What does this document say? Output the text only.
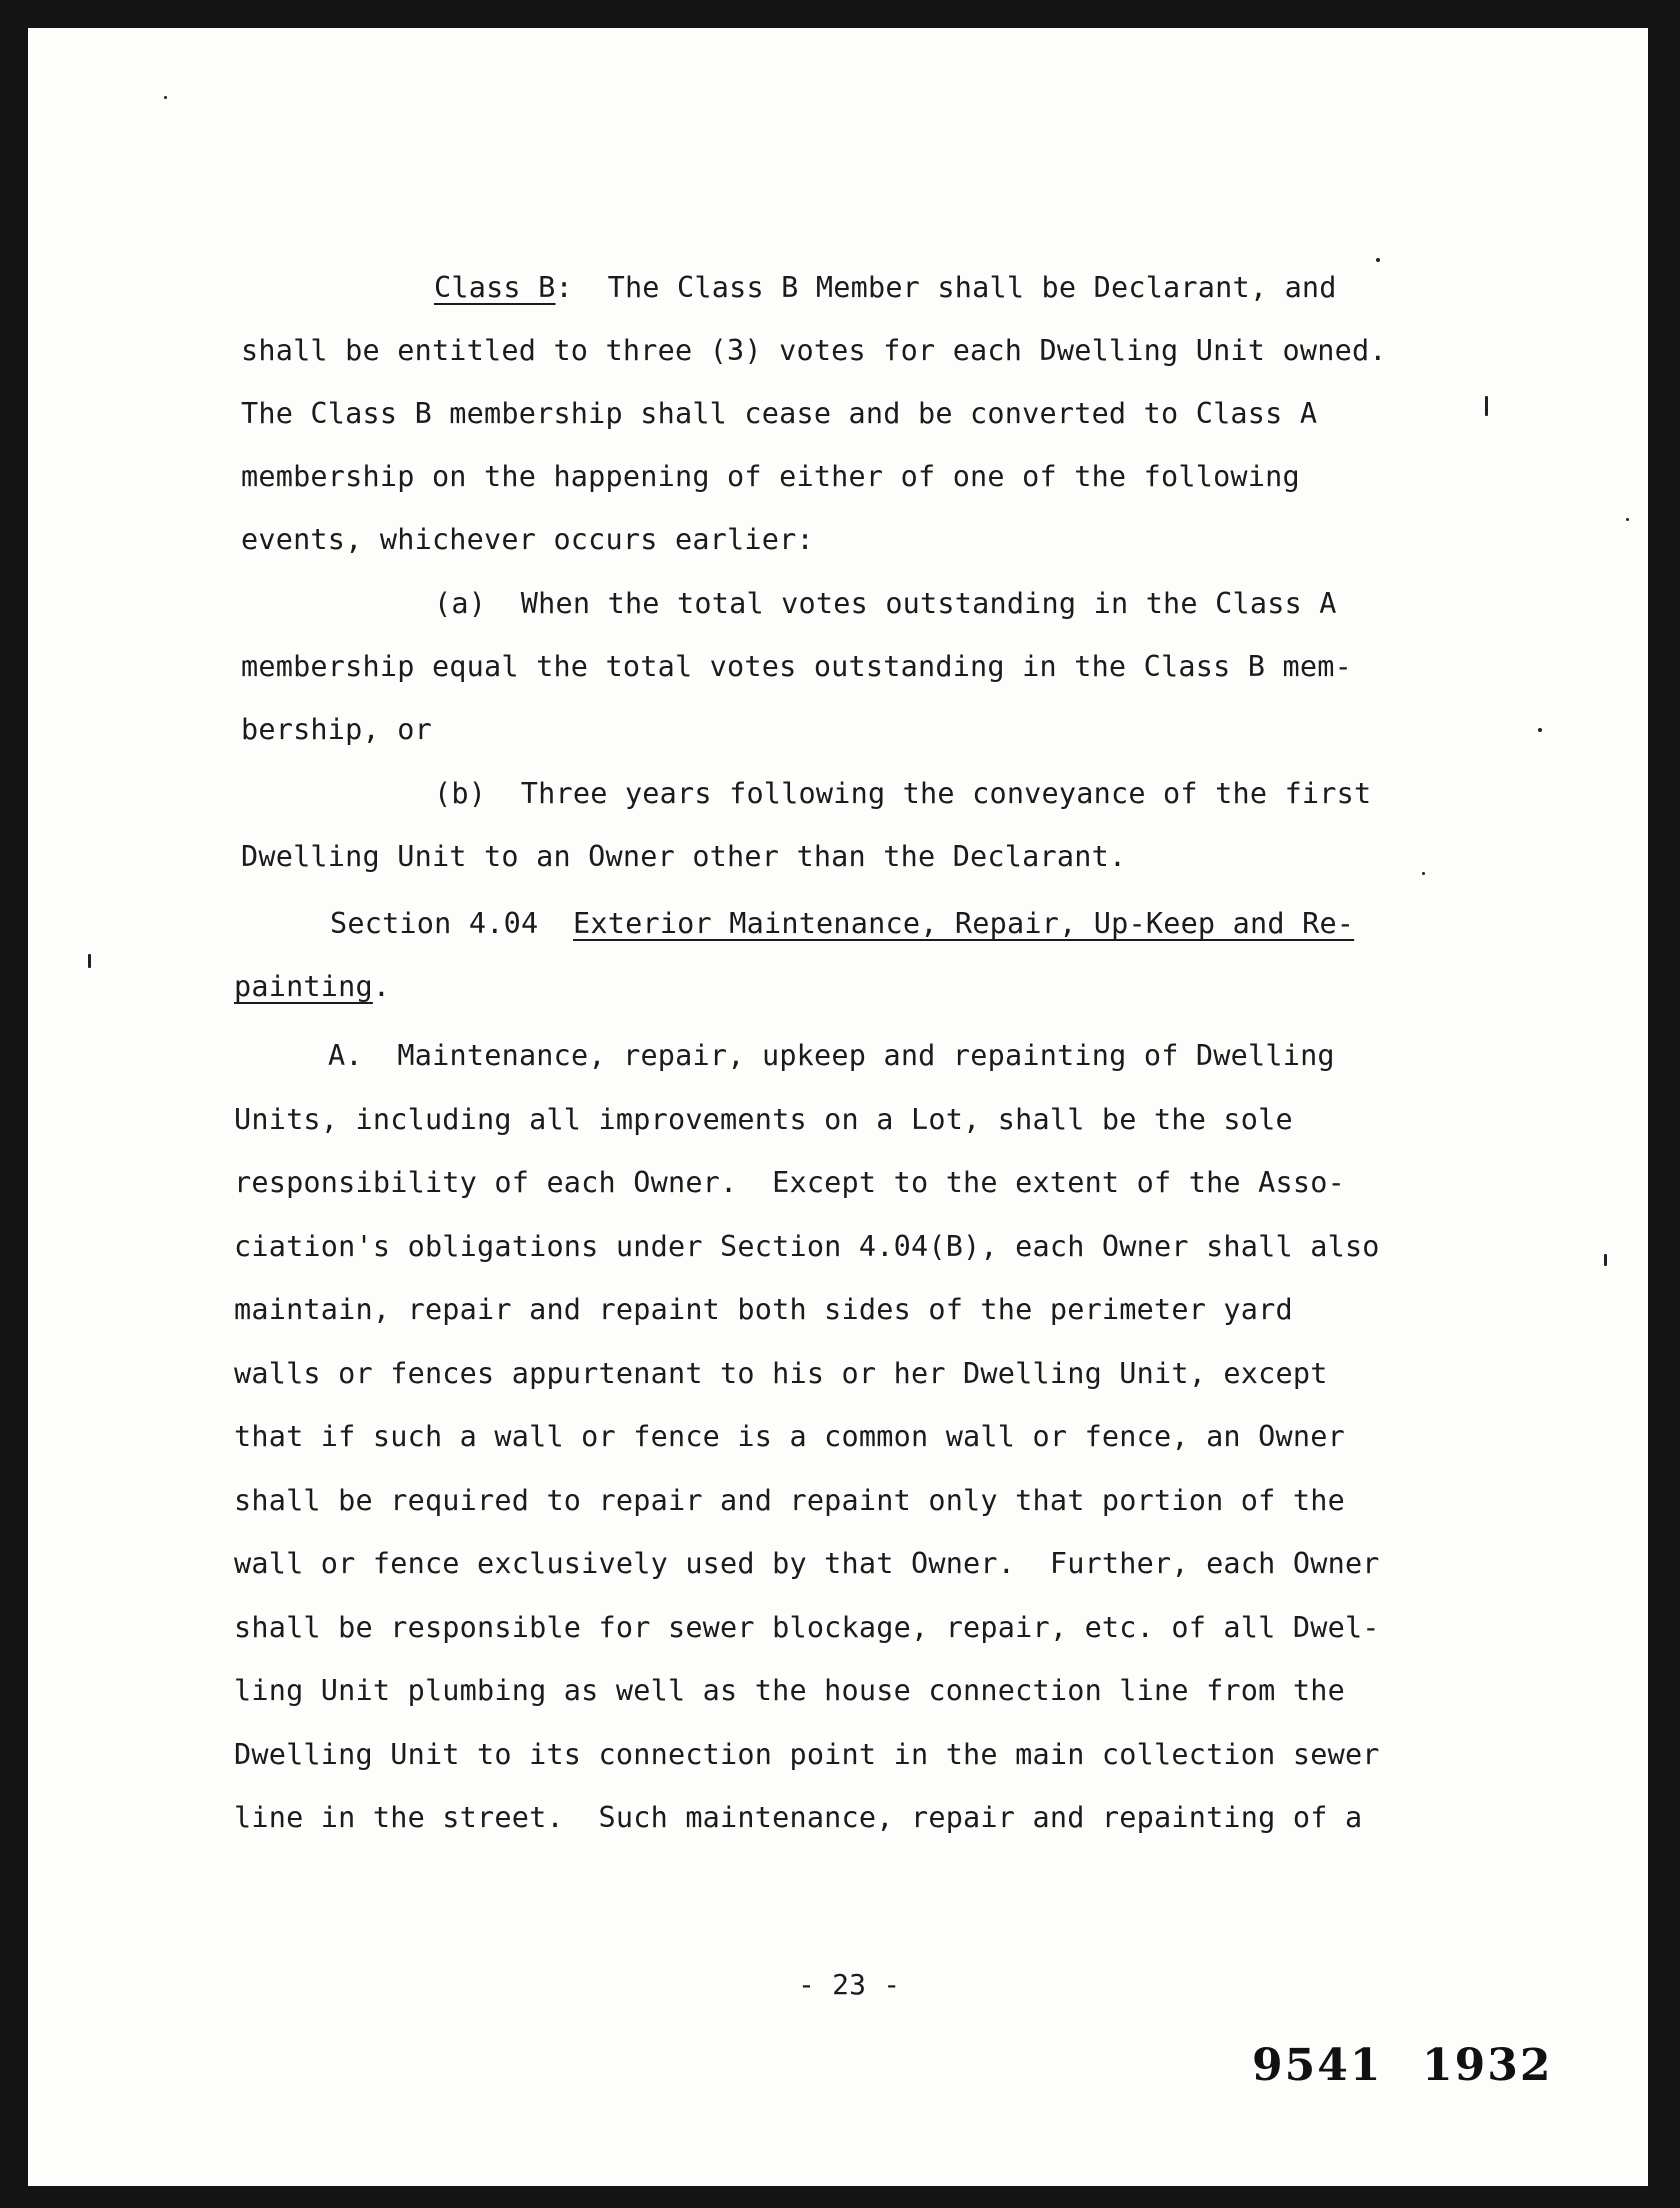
Class B:  The Class B Member shall be Declarant, and
shall be entitled to three (3) votes for each Dwelling Unit owned.
The Class B membership shall cease and be converted to Class A
membership on the happening of either of one of the following
events, whichever occurs earlier:
(a)  When the total votes outstanding in the Class A
membership equal the total votes outstanding in the Class B mem-
bership, or
(b)  Three years following the conveyance of the first
Dwelling Unit to an Owner other than the Declarant.
Section 4.04  Exterior Maintenance, Repair, Up-Keep and Re-
painting.
A.  Maintenance, repair, upkeep and repainting of Dwelling
Units, including all improvements on a Lot, shall be the sole
responsibility of each Owner.  Except to the extent of the Asso-
ciation's obligations under Section 4.04(B), each Owner shall also
maintain, repair and repaint both sides of the perimeter yard
walls or fences appurtenant to his or her Dwelling Unit, except
that if such a wall or fence is a common wall or fence, an Owner
shall be required to repair and repaint only that portion of the
wall or fence exclusively used by that Owner.  Further, each Owner
shall be responsible for sewer blockage, repair, etc. of all Dwel-
ling Unit plumbing as well as the house connection line from the
Dwelling Unit to its connection point in the main collection sewer
line in the street.  Such maintenance, repair and repainting of a
- 23 -
9541 1932
